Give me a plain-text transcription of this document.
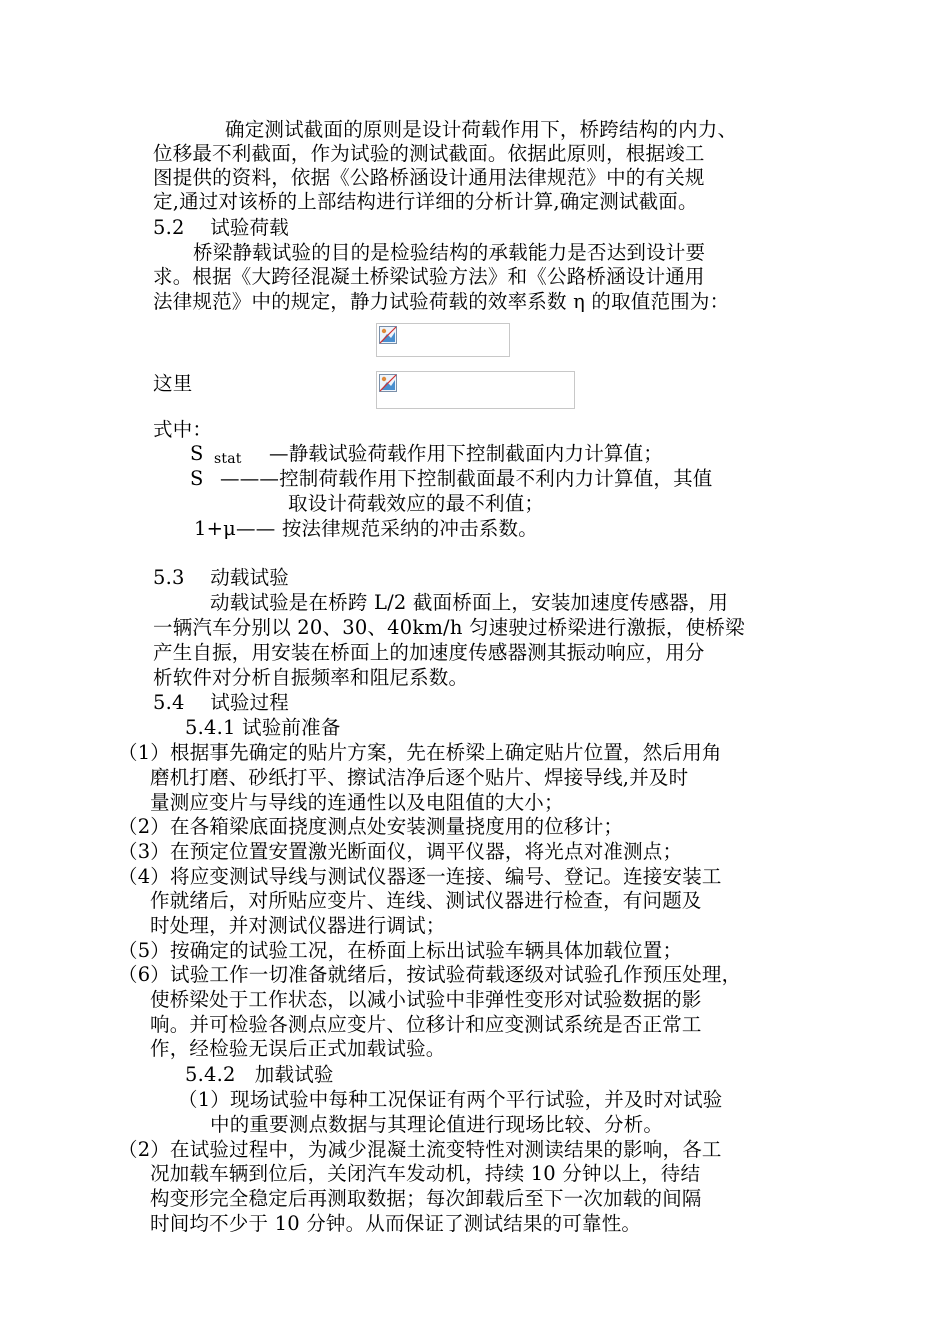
确定测试截面的原则是设计荷载作用下，桥跨结构的内力、
位移最不利截面，作为试验的测试截面。依据此原则，根据竣工
图提供的资料，依据《公路桥涵设计通用法律规范》中的有关规
定,通过对该桥的上部结构进行详细的分析计算,确定测试截面。
5.2    试验荷载
桥梁静载试验的目的是检验结构的承载能力是否达到设计要
求。根据《大跨径混凝土桥梁试验方法》和《公路桥涵设计通用
法律规范》中的规定，静力试验荷载的效率系数 η 的取值范围为：
这里
式中：
S stat —静载试验荷载作用下控制截面内力计算值；
S ———控制荷载作用下控制截面最不利内力计算值，其值
取设计荷载效应的最不利值；
1+μ—— 按法律规范采纳的冲击系数。
5.3    动载试验
动载试验是在桥跨 L/2 截面桥面上，安装加速度传感器，用
一辆汽车分别以 20、30、40km/h 匀速驶过桥梁进行激振，使桥梁
产生自振，用安装在桥面上的加速度传感器测其振动响应，用分
析软件对分析自振频率和阻尼系数。
5.4    试验过程
5.4.1 试验前准备
（1）根据事先确定的贴片方案，先在桥梁上确定贴片位置，然后用角
磨机打磨、砂纸打平、擦试洁净后逐个贴片、焊接导线,并及时
量测应变片与导线的连通性以及电阻值的大小；
（2）在各箱梁底面挠度测点处安装测量挠度用的位移计；
（3）在预定位置安置激光断面仪，调平仪器，将光点对准测点；
（4）将应变测试导线与测试仪器逐一连接、编号、登记。连接安装工
作就绪后，对所贴应变片、连线、测试仪器进行检查，有问题及
时处理，并对测试仪器进行调试；
（5）按确定的试验工况，在桥面上标出试验车辆具体加载位置；
（6）试验工作一切准备就绪后，按试验荷载逐级对试验孔作预压处理，
使桥梁处于工作状态，以减小试验中非弹性变形对试验数据的影
响。并可检验各测点应变片、位移计和应变测试系统是否正常工
作，经检验无误后正式加载试验。
5.4.2   加载试验
（1）现场试验中每种工况保证有两个平行试验，并及时对试验
中的重要测点数据与其理论值进行现场比较、分析。
（2）在试验过程中，为减少混凝土流变特性对测读结果的影响，各工
况加载车辆到位后，关闭汽车发动机，持续 10 分钟以上，待结
构变形完全稳定后再测取数据；每次卸载后至下一次加载的间隔
时间均不少于 10 分钟。从而保证了测试结果的可靠性。
